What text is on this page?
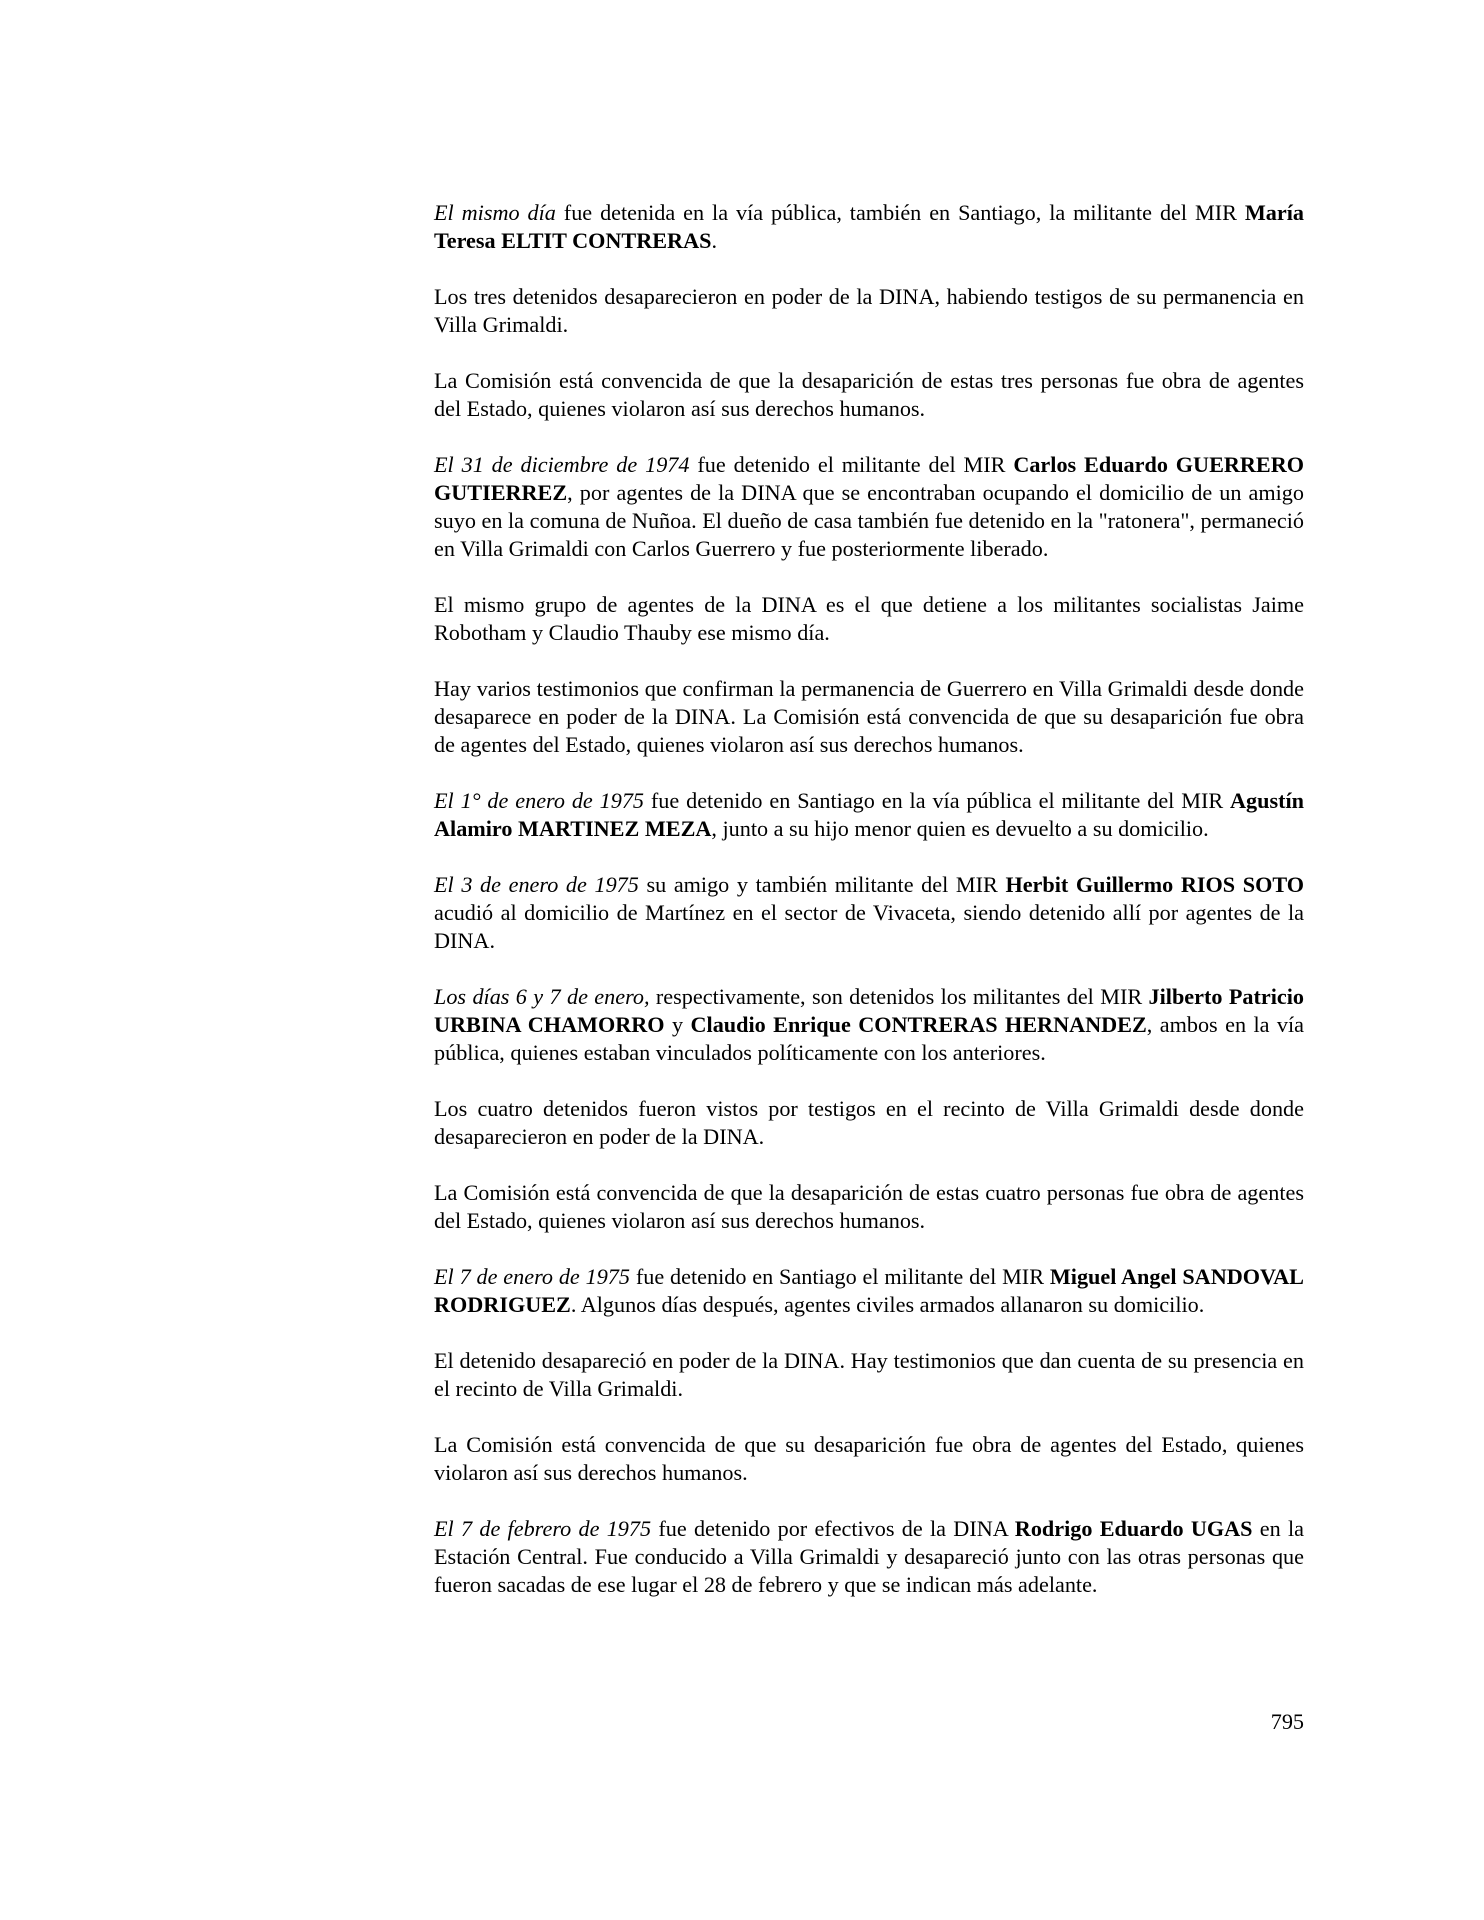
El mismo día fue detenida en la vía pública, también en Santiago, la militante del MIR María Teresa ELTIT CONTRERAS.

Los tres detenidos desaparecieron en poder de la DINA, habiendo testigos de su permanencia en Villa Grimaldi.

La Comisión está convencida de que la desaparición de estas tres personas fue obra de agentes del Estado, quienes violaron así sus derechos humanos.

El 31 de diciembre de 1974 fue detenido el militante del MIR Carlos Eduardo GUERRERO GUTIERREZ, por agentes de la DINA que se encontraban ocupando el domicilio de un amigo suyo en la comuna de Nuñoa. El dueño de casa también fue detenido en la "ratonera", permaneció en Villa Grimaldi con Carlos Guerrero y fue posteriormente liberado.

El mismo grupo de agentes de la DINA es el que detiene a los militantes socialistas Jaime Robotham y Claudio Thauby ese mismo día.

Hay varios testimonios que confirman la permanencia de Guerrero en Villa Grimaldi desde donde desaparece en poder de la DINA. La Comisión está convencida de que su desaparición fue obra de agentes del Estado, quienes violaron así sus derechos humanos.

El 1° de enero de 1975 fue detenido en Santiago en la vía pública el militante del MIR Agustín Alamiro MARTINEZ MEZA, junto a su hijo menor quien es devuelto a su domicilio.

El 3 de enero de 1975 su amigo y también militante del MIR Herbit Guillermo RIOS SOTO acudió al domicilio de Martínez en el sector de Vivaceta, siendo detenido allí por agentes de la DINA.

Los días 6 y 7 de enero, respectivamente, son detenidos los militantes del MIR Jilberto Patricio URBINA CHAMORRO y Claudio Enrique CONTRERAS HERNANDEZ, ambos en la vía pública, quienes estaban vinculados políticamente con los anteriores.

Los cuatro detenidos fueron vistos por testigos en el recinto de Villa Grimaldi desde donde desaparecieron en poder de la DINA.

La Comisión está convencida de que la desaparición de estas cuatro personas fue obra de agentes del Estado, quienes violaron así sus derechos humanos.

El 7 de enero de 1975 fue detenido en Santiago el militante del MIR Miguel Angel SANDOVAL RODRIGUEZ. Algunos días después, agentes civiles armados allanaron su domicilio.

El detenido desapareció en poder de la DINA. Hay testimonios que dan cuenta de su presencia en el recinto de Villa Grimaldi.

La Comisión está convencida de que su desaparición fue obra de agentes del Estado, quienes violaron así sus derechos humanos.

El 7 de febrero de 1975 fue detenido por efectivos de la DINA Rodrigo Eduardo UGAS en la Estación Central. Fue conducido a Villa Grimaldi y desapareció junto con las otras personas que fueron sacadas de ese lugar el 28 de febrero y que se indican más adelante.

795
